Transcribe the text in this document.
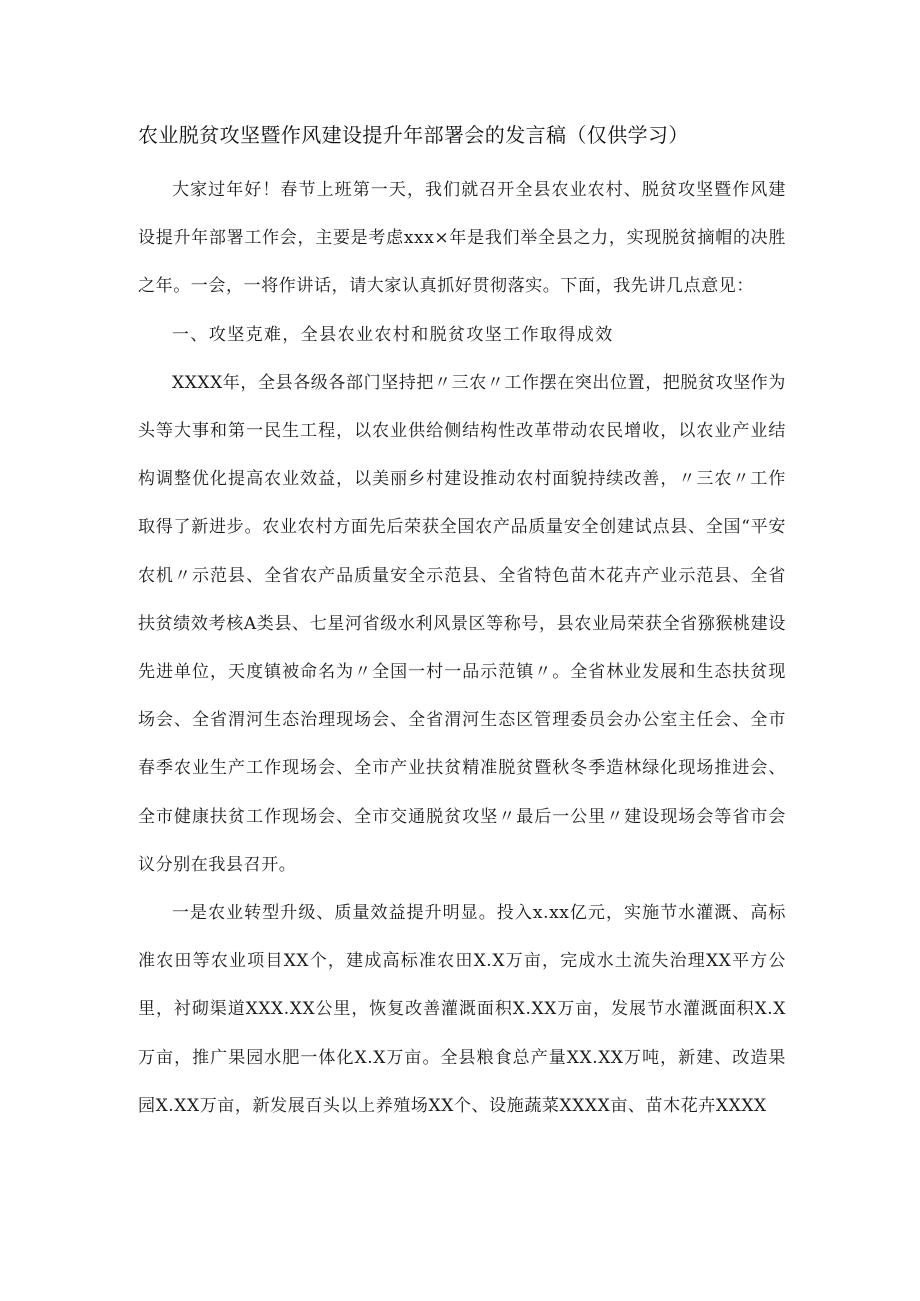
农业脱贫攻坚暨作风建设提升年部署会的发言稿（仅供学习）

大家过年好！春节上班第一天，我们就召开全县农业农村、脱贫攻坚暨作风建设提升年部署工作会，主要是考虑xxx×年是我们举全县之力，实现脱贫摘帽的决胜之年。一会，一将作讲话，请大家认真抓好贯彻落实。下面，我先讲几点意见：

一、攻坚克难，全县农业农村和脱贫攻坚工作取得成效

XXXX年，全县各级各部门坚持把〃三农〃工作摆在突出位置，把脱贫攻坚作为头等大事和第一民生工程，以农业供给侧结构性改革带动农民增收，以农业产业结构调整优化提高农业效益，以美丽乡村建设推动农村面貌持续改善，〃三农〃工作取得了新进步。农业农村方面先后荣获全国农产品质量安全创建试点县、全国“平安农机〃示范县、全省农产品质量安全示范县、全省特色苗木花卉产业示范县、全省扶贫绩效考核A类县、七星河省级水利风景区等称号，县农业局荣获全省猕猴桃建设先进单位，天度镇被命名为〃全国一村一品示范镇〃。全省林业发展和生态扶贫现场会、全省渭河生态治理现场会、全省渭河生态区管理委员会办公室主任会、全市春季农业生产工作现场会、全市产业扶贫精准脱贫暨秋冬季造林绿化现场推进会、全市健康扶贫工作现场会、全市交通脱贫攻坚〃最后一公里〃建设现场会等省市会议分别在我县召开。

一是农业转型升级、质量效益提升明显。投入x.xx亿元，实施节水灌溉、高标准农田等农业项目XX个，建成高标准农田X.X万亩，完成水土流失治理XX平方公里，衬砌渠道XXX.XX公里，恢复改善灌溉面积X.XX万亩，发展节水灌溉面积X.X万亩，推广果园水肥一体化X.X万亩。全县粮食总产量XX.XX万吨，新建、改造果园X.XX万亩，新发展百头以上养殖场XX个、设施蔬菜XXXX亩、苗木花卉XXXX
